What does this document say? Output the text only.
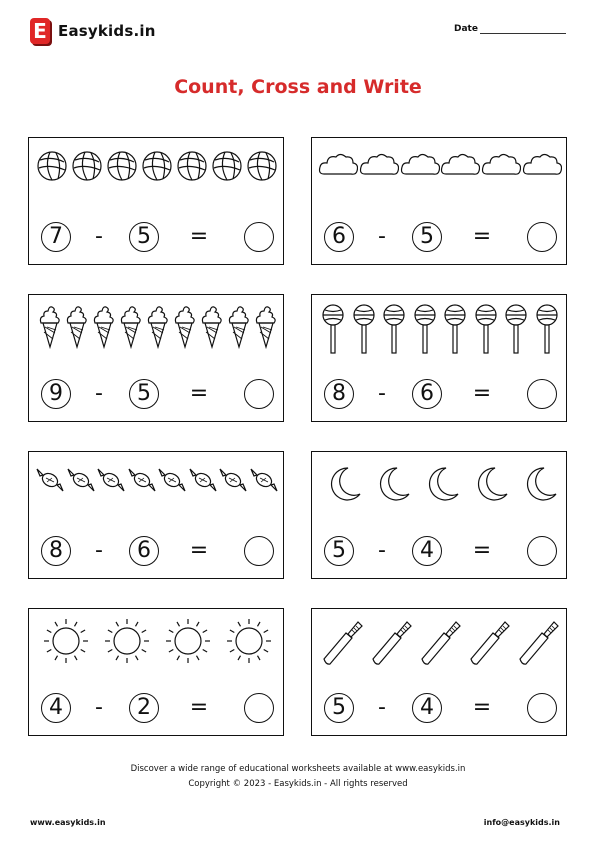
E Easykids.in	Date
Count, Cross and Write
7	-	5	=	6	-	5	=
9	-	5	=	8	-	6	=
8	-	6	=	5	-	4	=
4	-	2	=	5	-	4	=
Discover a wide range of educational worksheets available at www.easykids.in
Copyright © 2023 - Easykids.in - All rights reserved
www.easykids.in	info@easykids.in
